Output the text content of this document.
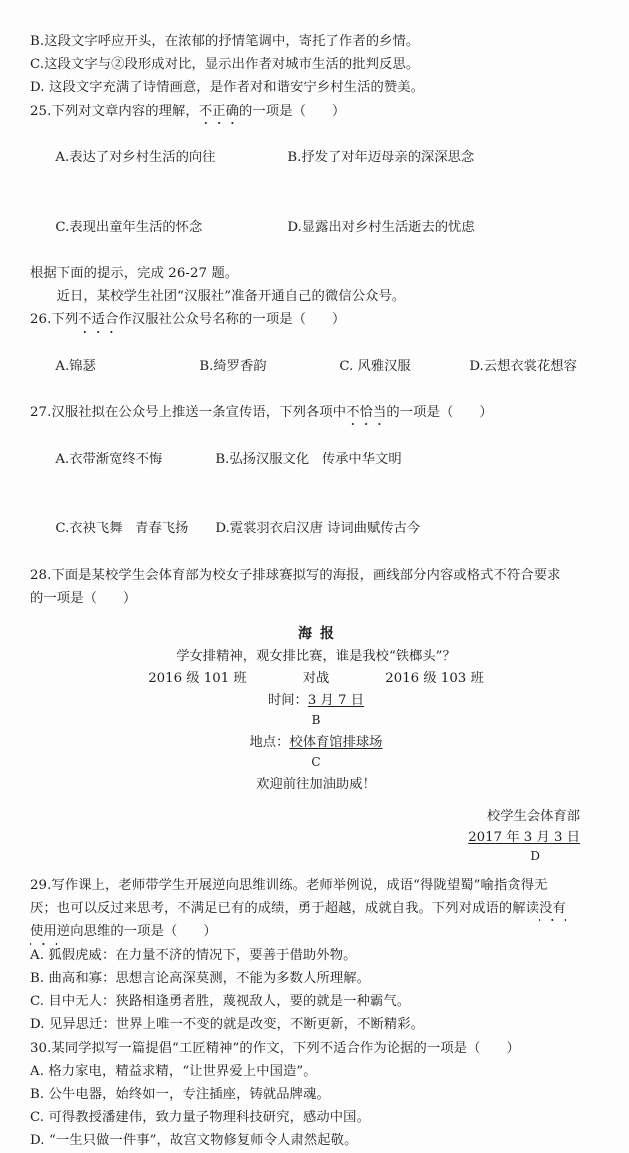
B.这段文字呼应开头，在浓郁的抒情笔调中，寄托了作者的乡情。
C.这段文字与②段形成对比，显示出作者对城市生活的批判反思。
D. 这段文字充满了诗情画意，是作者对和谐安宁乡村生活的赞美。
25.下列对文章内容的理解，不正确的一项是（      ）

A.表达了对乡村生活的向往	B.抒发了对年迈母亲的深深思念

C.表现出童年生活的怀念	D.显露出对乡村生活逝去的忧虑

根据下面的提示，完成 26-27 题。
近日，某校学生社团“汉服社”准备开通自己的微信公众号。
26.下列不适合作汉服社公众号名称的一项是（      ）

A.锦瑟	B.绮罗香韵	C. 风雅汉服	D.云想衣裳花想容

27.汉服社拟在公众号上推送一条宣传语，下列各项中不恰当的一项是（      ）

A.衣带渐宽终不悔	B.弘扬汉服文化   传承中华文明

C.衣袂飞舞   青春飞扬 D.霓裳羽衣启汉唐 诗词曲赋传古今

28.下面是某校学生会体育部为校女子排球赛拟写的海报，画线部分内容或格式不符合要求
的一项是（      ）
海报
学女排精神，观女排比赛，谁是我校“铁榔头”？
2016 级 101 班	对战	2016 级 103 班
时间：3 月 7 日
B
地点：校体育馆排球场
C
欢迎前往加油助威！
校学生会体育部
2017 年 3 月 3 日
D
29.写作课上，老师带学生开展逆向思维训练。老师举例说，成语“得陇望蜀”喻指贪得无
厌；也可以反过来思考，不满足已有的成绩，勇于超越，成就自我。下列对成语的解读没有
使用逆向思维的一项是（      ）
A. 狐假虎威：在力量不济的情况下，要善于借助外物。
B. 曲高和寡：思想言论高深莫测，不能为多数人所理解。
C. 目中无人：狭路相逢勇者胜，蔑视敌人，要的就是一种霸气。
D. 见异思迁：世界上唯一不变的就是改变，不断更新，不断精彩。
30.某同学拟写一篇提倡“工匠精神”的作文，下列不适合作为论据的一项是（      ）
A. 格力家电，精益求精，“让世界爱上中国造”。
B. 公牛电器，始终如一，专注插座，铸就品牌魂。
C. 可得教授潘建伟，致力量子物理科技研究，感动中国。
D. “一生只做一件事”，故宫文物修复师令人肃然起敬。
